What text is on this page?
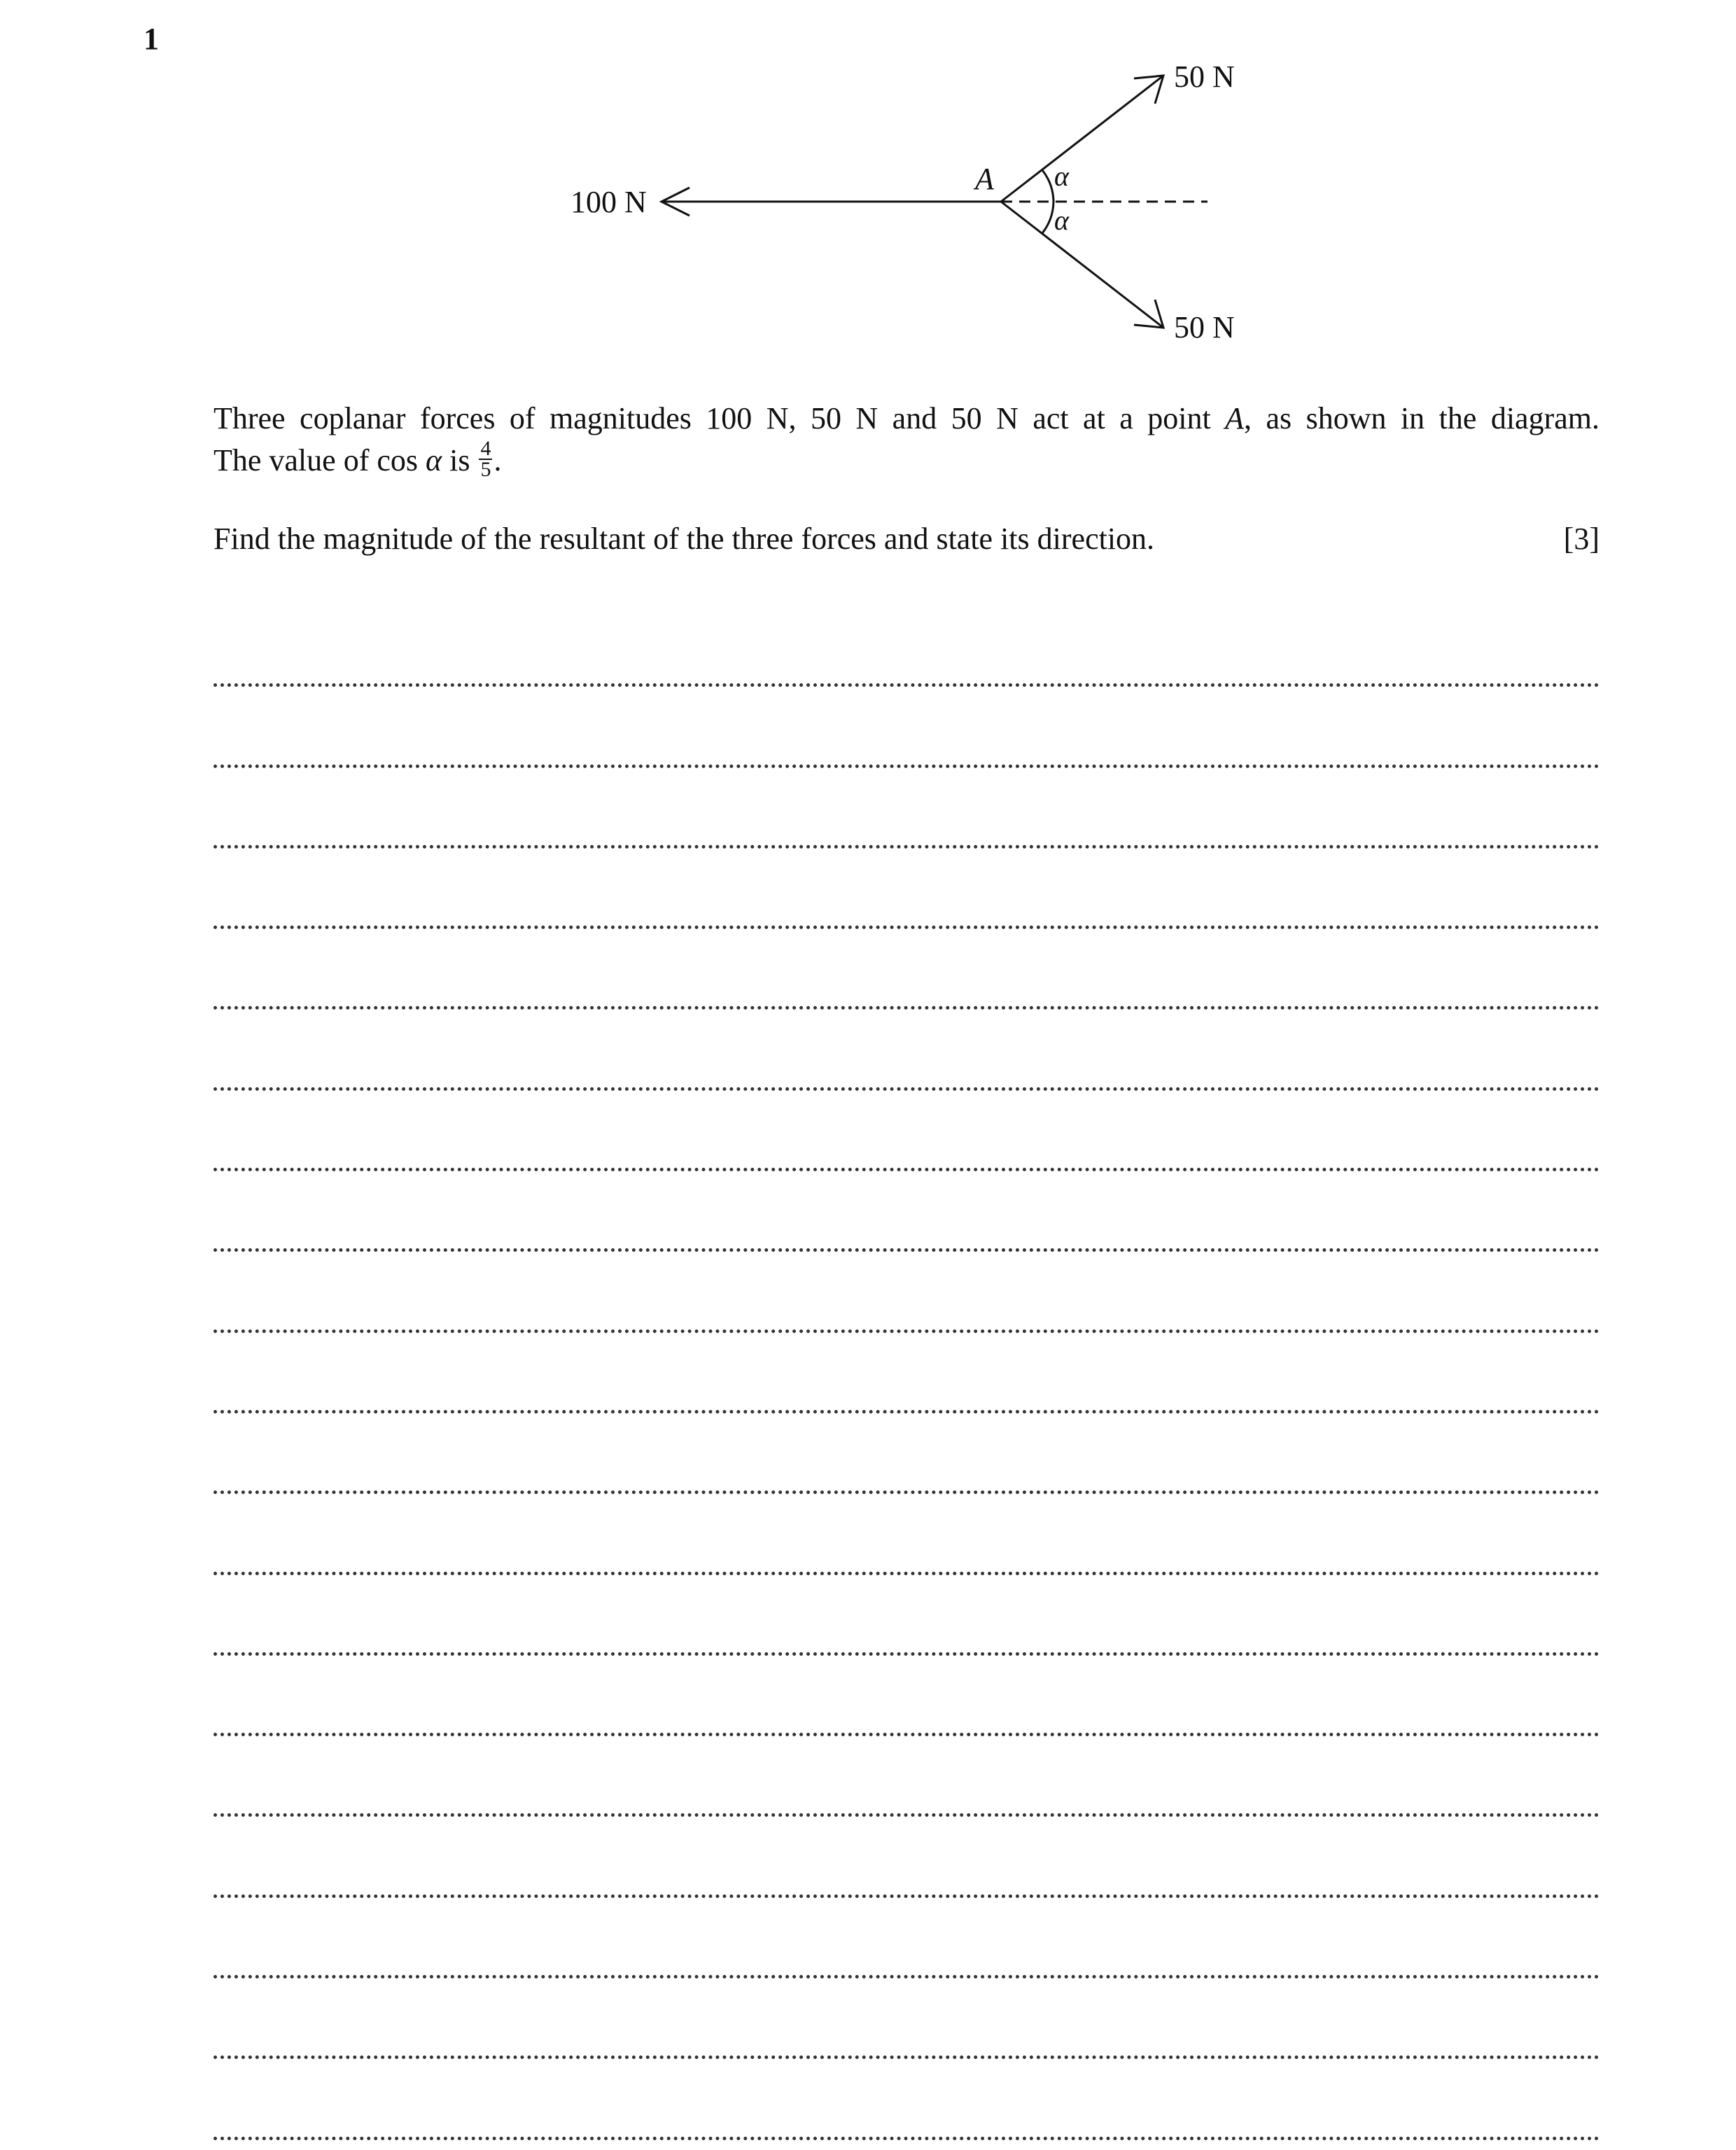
1
100 N
50 N
50 N
A α
α
Three coplanar forces of magnitudes 100 N, 50 N and 50 N act at a point A, as shown in the diagram.
The value of cos α is $\frac{4}{5}$ .
Find the magnitude of the resultant of the three forces and state its direction.	[3]
